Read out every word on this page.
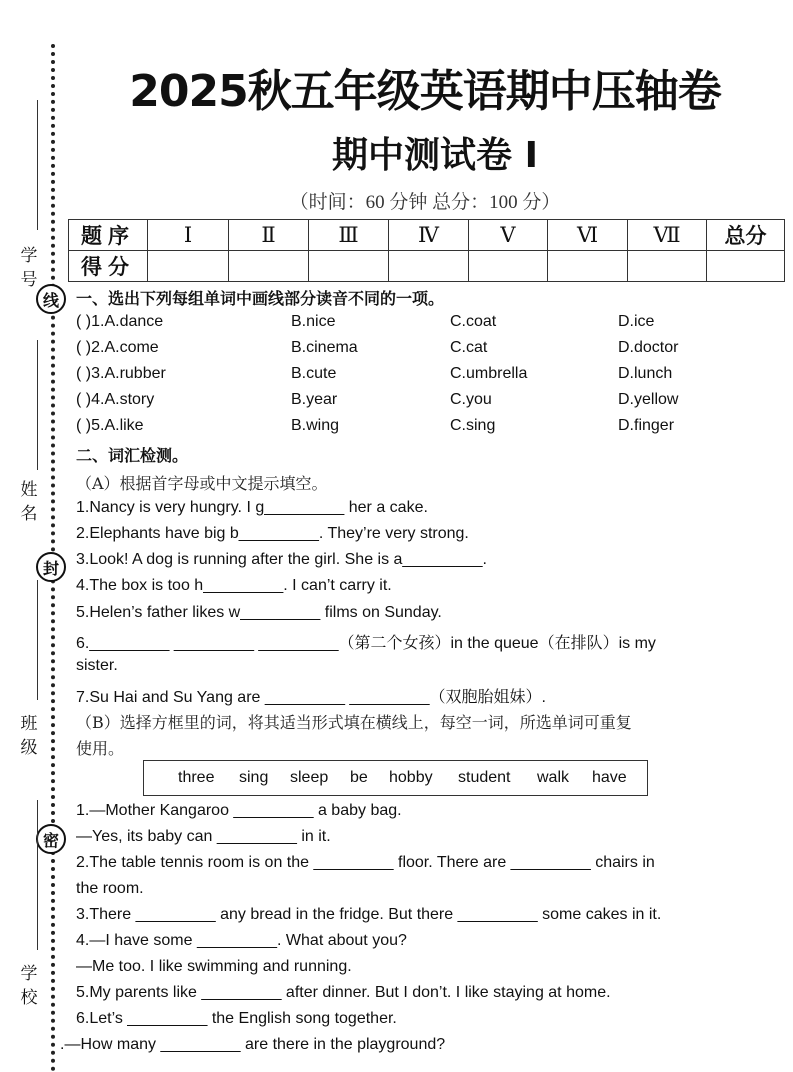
学 号
线
姓 名
封
班 级
密
学 校
2025秋五年级英语期中压轴卷
期中测试卷 Ⅰ
（时间：60 分钟 总分：100 分）
题序	Ⅰ	Ⅱ	Ⅲ	Ⅳ	Ⅴ	Ⅵ	Ⅶ	总分
得分								
一、选出下列每组单词中画线部分读音不同的一项。
( )1.A.dance	B.nice	C.coat	D.ice
( )2.A.come	B.cinema	C.cat	D.doctor
( )3.A.rubber	B.cute	C.umbrella	D.lunch
( )4.A.story	B.year	C.you	D.yellow
( )5.A.like	B.wing	C.sing	D.finger
二、词汇检测。
（A）根据首字母或中文提示填空。
1.Nancy is very hungry. I g_________ her a cake.
2.Elephants have big b_________. They’re very strong.
3.Look! A dog is running after the girl. She is a_________.
4.The box is too h_________. I can’t carry it.
5.Helen’s father likes w_________ films on Sunday.
6._________ _________ _________（第二个女孩）in the queue（在排队）is my
sister.
7.Su Hai and Su Yang are _________ _________（双胞胎姐妹）.
（B）选择方框里的词，将其适当形式填在横线上，每空一词，所选单词可重复
使用。
three sing sleep be hobby student walk have
1.—Mother Kangaroo _________ a baby bag.
—Yes, its baby can _________ in it.
2.The table tennis room is on the _________ floor. There are _________ chairs in
the room.
3.There _________ any bread in the fridge. But there _________ some cakes in it.
4.—I have some _________. What about you?
—Me too. I like swimming and running.
5.My parents like _________ after dinner. But I don’t. I like staying at home.
6.Let’s _________ the English song together.
.—How many _________ are there in the playground?
